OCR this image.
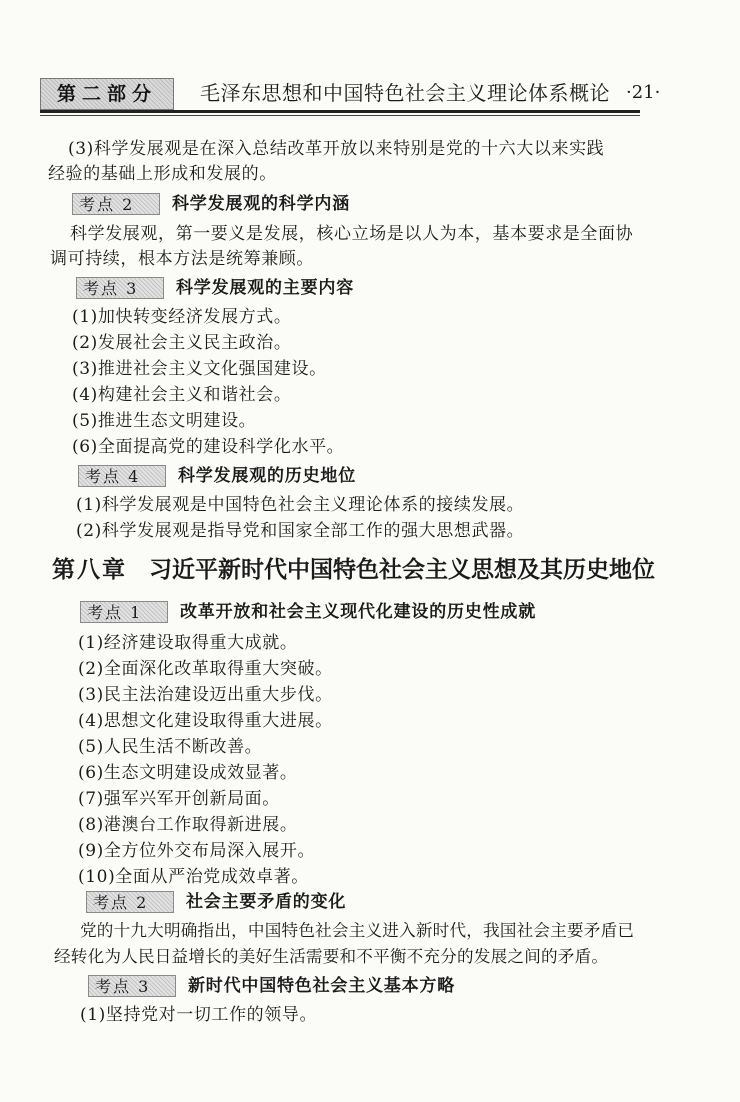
第二部分	毛泽东思想和中国特色社会主义理论体系概论 ·21·
(3)科学发展观是在深入总结改革开放以来特别是党的十六大以来实践
经验的基础上形成和发展的。
考点 2	科学发展观的科学内涵
科学发展观，第一要义是发展，核心立场是以人为本，基本要求是全面协
调可持续，根本方法是统筹兼顾。
考点 3	科学发展观的主要内容
(1)加快转变经济发展方式。
(2)发展社会主义民主政治。
(3)推进社会主义文化强国建设。
(4)构建社会主义和谐社会。
(5)推进生态文明建设。
(6)全面提高党的建设科学化水平。
考点 4	科学发展观的历史地位
(1)科学发展观是中国特色社会主义理论体系的接续发展。
(2)科学发展观是指导党和国家全部工作的强大思想武器。
第八章 习近平新时代中国特色社会主义思想及其历史地位
考点 1	改革开放和社会主义现代化建设的历史性成就
(1)经济建设取得重大成就。
(2)全面深化改革取得重大突破。
(3)民主法治建设迈出重大步伐。
(4)思想文化建设取得重大进展。
(5)人民生活不断改善。
(6)生态文明建设成效显著。
(7)强军兴军开创新局面。
(8)港澳台工作取得新进展。
(9)全方位外交布局深入展开。
(10)全面从严治党成效卓著。
考点 2	社会主要矛盾的变化
党的十九大明确指出，中国特色社会主义进入新时代，我国社会主要矛盾已
经转化为人民日益增长的美好生活需要和不平衡不充分的发展之间的矛盾。
考点 3	新时代中国特色社会主义基本方略
(1)坚持党对一切工作的领导。
